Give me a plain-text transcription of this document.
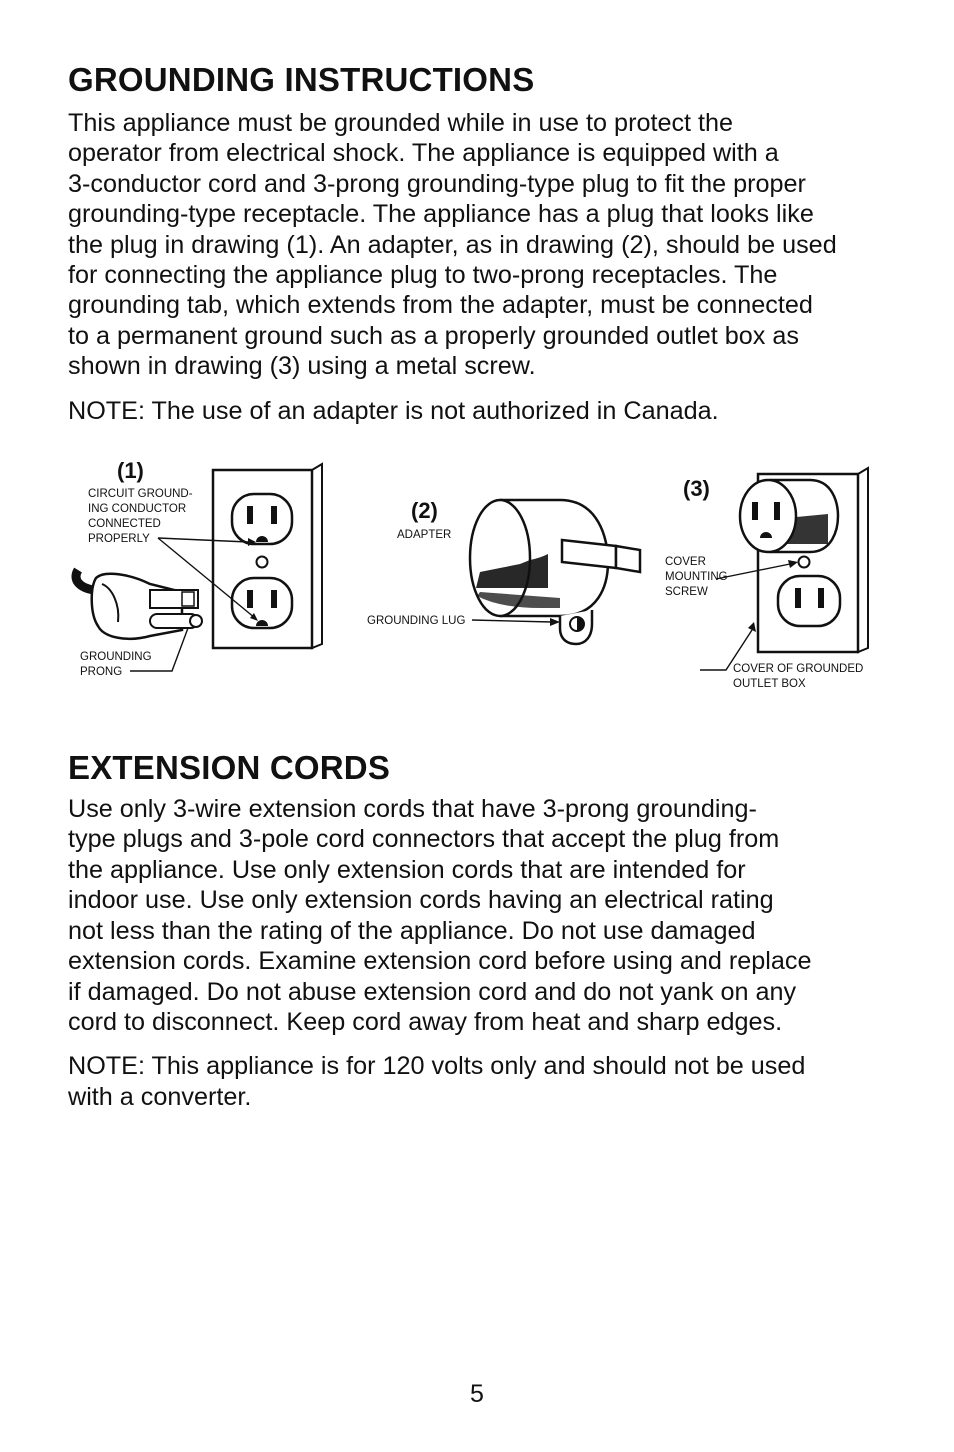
GROUNDING INSTRUCTIONS

This appliance must be grounded while in use to protect the
operator from electrical shock. The appliance is equipped with a
3-conductor cord and 3-prong grounding-type plug to fit the proper
grounding-type receptacle. The appliance has a plug that looks like
the plug in drawing (1). An adapter, as in drawing (2), should be used
for connecting the appliance plug to two-prong receptacles. The
grounding tab, which extends from the adapter, must be connected
to a permanent ground such as a properly grounded outlet box as
shown in drawing (3) using a metal screw.

NOTE: The use of an adapter is not authorized in Canada.

(1)
CIRCUIT GROUND-
ING CONDUCTOR
CONNECTED
PROPERLY
GROUNDING
PRONG
(2)
ADAPTER
GROUNDING LUG
(3)
COVER
MOUNTING
SCREW
COVER OF GROUNDED
OUTLET BOX
EXTENSION CORDS

Use only 3-wire extension cords that have 3-prong grounding-
type plugs and 3-pole cord connectors that accept the plug from
the appliance. Use only extension cords that are intended for
indoor use. Use only extension cords having an electrical rating
not less than the rating of the appliance. Do not use damaged
extension cords. Examine extension cord before using and replace
if damaged. Do not abuse extension cord and do not yank on any
cord to disconnect. Keep cord away from heat and sharp edges.

NOTE: This appliance is for 120 volts only and should not be used
with a converter.

5
